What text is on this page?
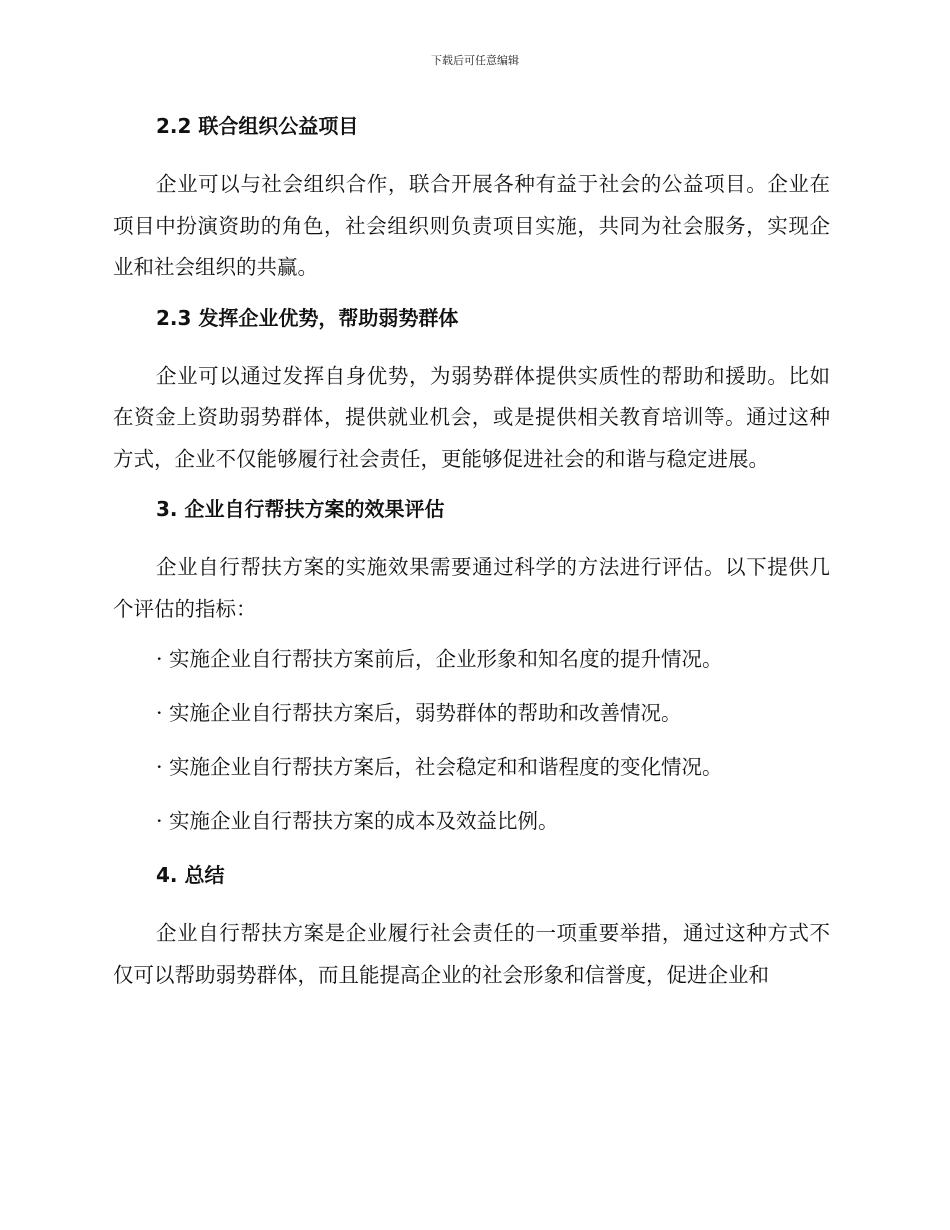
下载后可任意编辑
2.2 联合组织公益项目

企业可以与社会组织合作，联合开展各种有益于社会的公益项目。企业在项目中扮演资助的角色，社会组织则负责项目实施，共同为社会服务，实现企业和社会组织的共赢。

2.3 发挥企业优势，帮助弱势群体

企业可以通过发挥自身优势，为弱势群体提供实质性的帮助和援助。比如在资金上资助弱势群体，提供就业机会，或是提供相关教育培训等。通过这种方式，企业不仅能够履行社会责任，更能够促进社会的和谐与稳定进展。

3. 企业自行帮扶方案的效果评估

企业自行帮扶方案的实施效果需要通过科学的方法进行评估。以下提供几个评估的指标：

· 实施企业自行帮扶方案前后，企业形象和知名度的提升情况。

· 实施企业自行帮扶方案后，弱势群体的帮助和改善情况。

· 实施企业自行帮扶方案后，社会稳定和和谐程度的变化情况。

· 实施企业自行帮扶方案的成本及效益比例。

4. 总结

企业自行帮扶方案是企业履行社会责任的一项重要举措，通过这种方式不仅可以帮助弱势群体，而且能提高企业的社会形象和信誉度，促进企业和
